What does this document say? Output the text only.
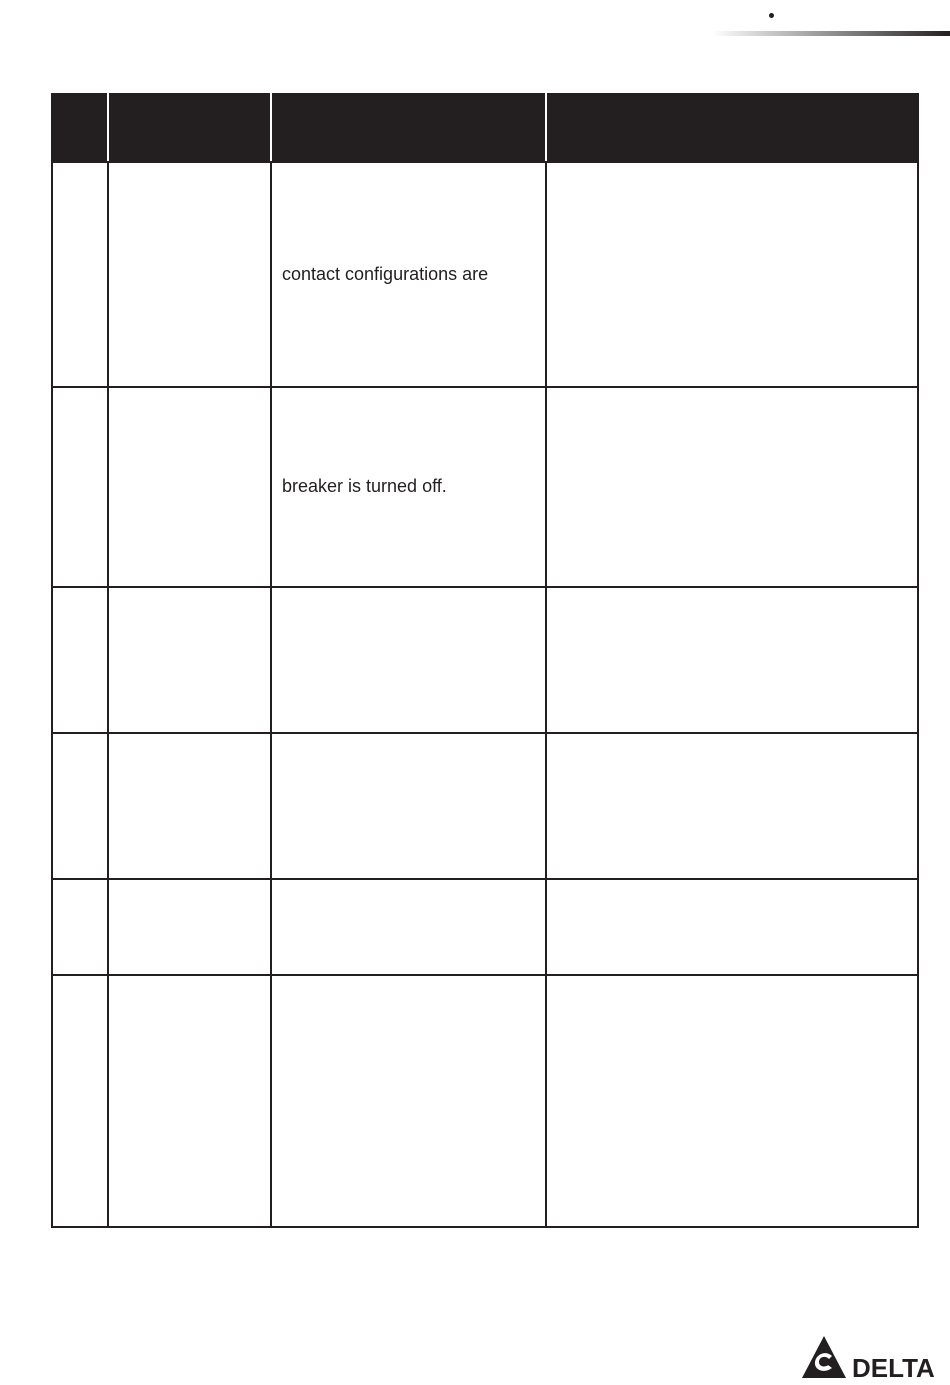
		contact configurations are	
		breaker is turned off.	

DELTA
